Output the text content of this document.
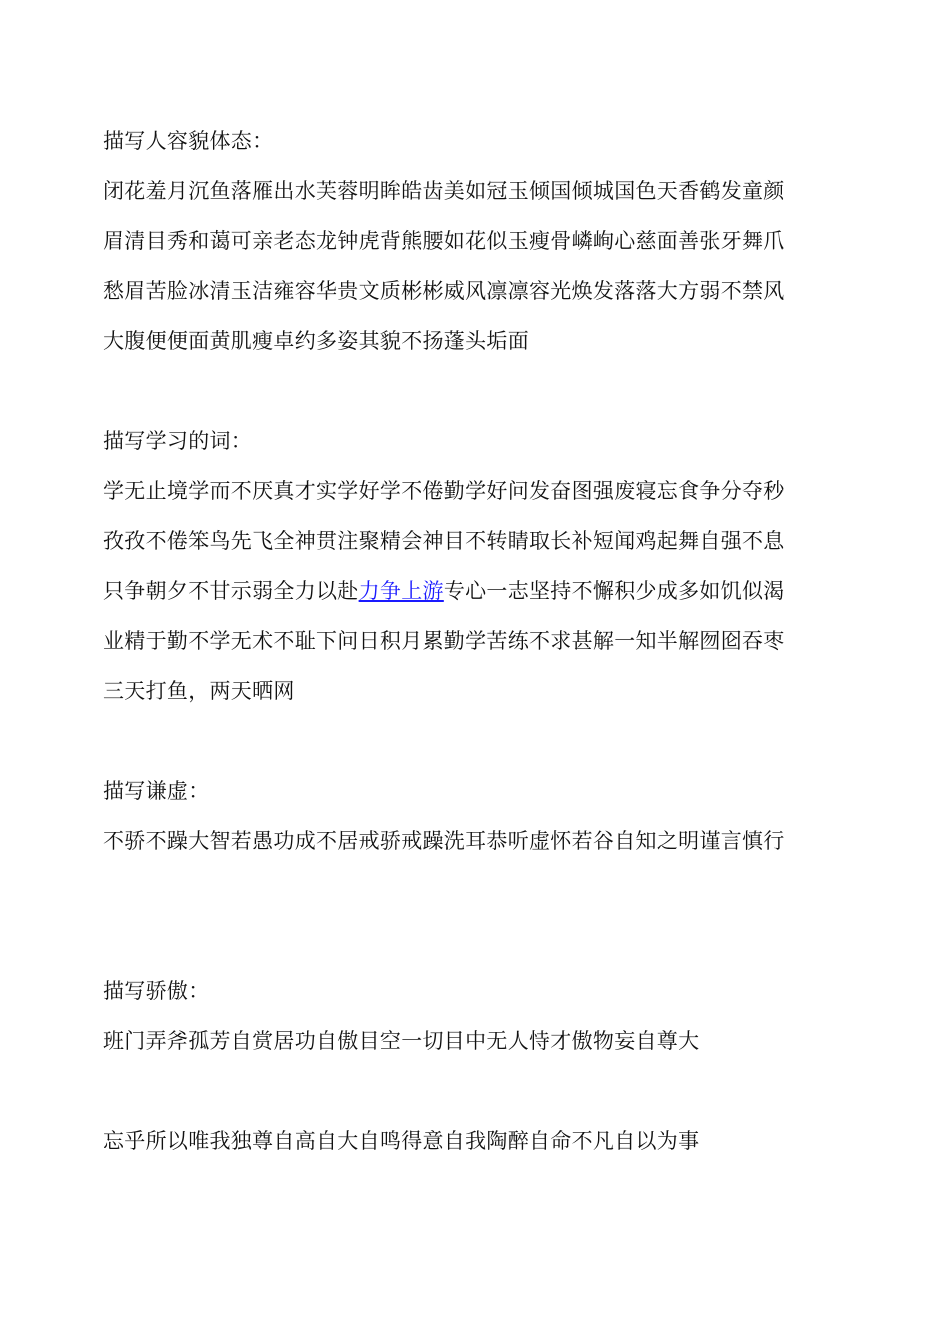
描写人容貌体态：

闭花羞月沉鱼落雁出水芙蓉明眸皓齿美如冠玉倾国倾城国色天香鹤发童颜眉清目秀和蔼可亲老态龙钟虎背熊腰如花似玉瘦骨嶙峋心慈面善张牙舞爪愁眉苦脸冰清玉洁雍容华贵文质彬彬威风凛凛容光焕发落落大方弱不禁风大腹便便面黄肌瘦卓约多姿其貌不扬蓬头垢面

描写学习的词：

学无止境学而不厌真才实学好学不倦勤学好问发奋图强废寝忘食争分夺秒孜孜不倦笨鸟先飞全神贯注聚精会神目不转睛取长补短闻鸡起舞自强不息只争朝夕不甘示弱全力以赴力争上游专心一志坚持不懈积少成多如饥似渴业精于勤不学无术不耻下问日积月累勤学苦练不求甚解一知半解囫囵吞枣三天打鱼，两天晒网

描写谦虚：

不骄不躁大智若愚功成不居戒骄戒躁洗耳恭听虚怀若谷自知之明谨言慎行

描写骄傲：

班门弄斧孤芳自赏居功自傲目空一切目中无人恃才傲物妄自尊大

忘乎所以唯我独尊自高自大自鸣得意自我陶醉自命不凡自以为事
